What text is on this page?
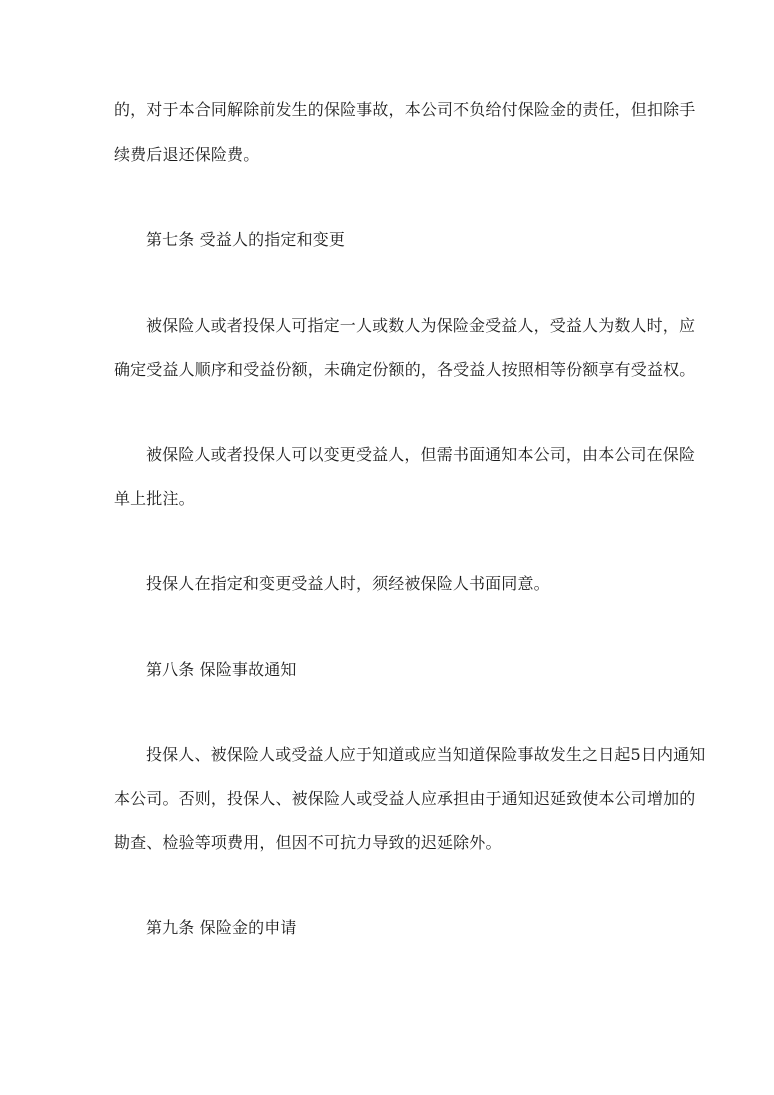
的，对于本合同解除前发生的保险事故，本公司不负给付保险金的责任，但扣除手
续费后退还保险费。
第七条 受益人的指定和变更
被保险人或者投保人可指定一人或数人为保险金受益人，受益人为数人时，应
确定受益人顺序和受益份额，未确定份额的，各受益人按照相等份额享有受益权。
被保险人或者投保人可以变更受益人，但需书面通知本公司，由本公司在保险
单上批注。
投保人在指定和变更受益人时，须经被保险人书面同意。
第八条 保险事故通知
投保人、被保险人或受益人应于知道或应当知道保险事故发生之日起5日内通知
本公司。否则，投保人、被保险人或受益人应承担由于通知迟延致使本公司增加的
勘查、检验等项费用，但因不可抗力导致的迟延除外。
第九条 保险金的申请
